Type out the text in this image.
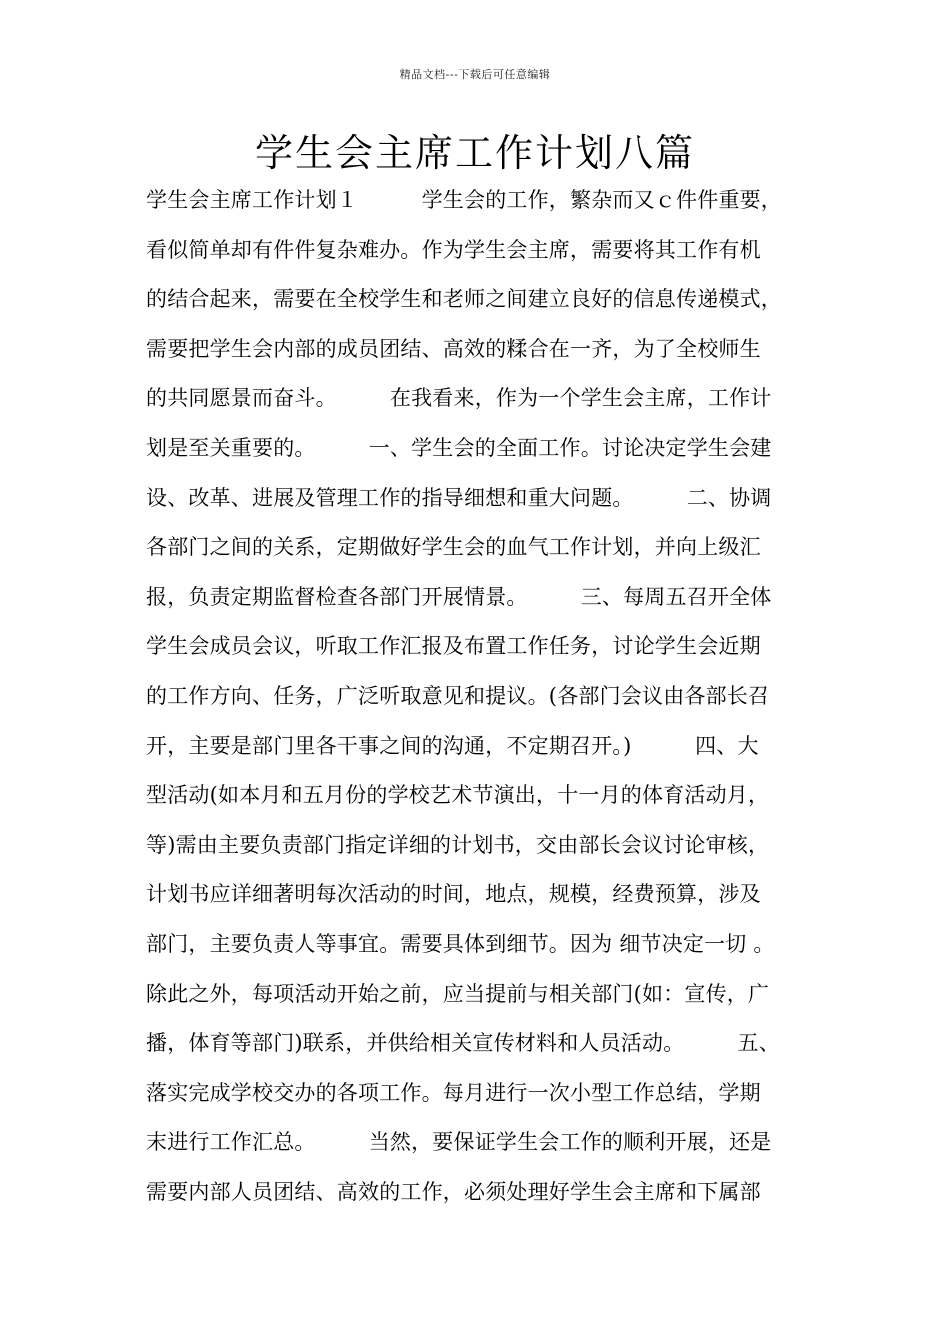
精品文档---下载后可任意编辑
学生会主席工作计划八篇
学生会主席工作计划１　　　学生会的工作，繁杂而又ｃ件件重要，
看似简单却有件件复杂难办。作为学生会主席，需要将其工作有机
的结合起来，需要在全校学生和老师之间建立良好的信息传递模式，
需要把学生会内部的成员团结、高效的糅合在一齐，为了全校师生
的共同愿景而奋斗。　　　在我看来，作为一个学生会主席，工作计
划是至关重要的。　　　一、学生会的全面工作。讨论决定学生会建
设、改革、进展及管理工作的指导细想和重大问题。　　　二、协调
各部门之间的关系，定期做好学生会的血气工作计划，并向上级汇
报，负责定期监督检查各部门开展情景。　　　三、每周五召开全体
学生会成员会议，听取工作汇报及布置工作任务，讨论学生会近期
的工作方向、任务，广泛听取意见和提议。(各部门会议由各部长召
开，主要是部门里各干事之间的沟通，不定期召开。)　　　四、大
型活动(如本月和五月份的学校艺术节演出，十一月的体育活动月，
等)需由主要负责部门指定详细的计划书，交由部长会议讨论审核，
计划书应详细著明每次活动的时间，地点，规模，经费预算，涉及
部门，主要负责人等事宜。需要具体到细节。因为 细节决定一切 。
除此之外，每项活动开始之前，应当提前与相关部门(如：宣传，广
播，体育等部门)联系，并供给相关宣传材料和人员活动。　　　五、
落实完成学校交办的各项工作。每月进行一次小型工作总结，学期
末进行工作汇总。　　　当然，要保证学生会工作的顺利开展，还是
需要内部人员团结、高效的工作，必须处理好学生会主席和下属部
